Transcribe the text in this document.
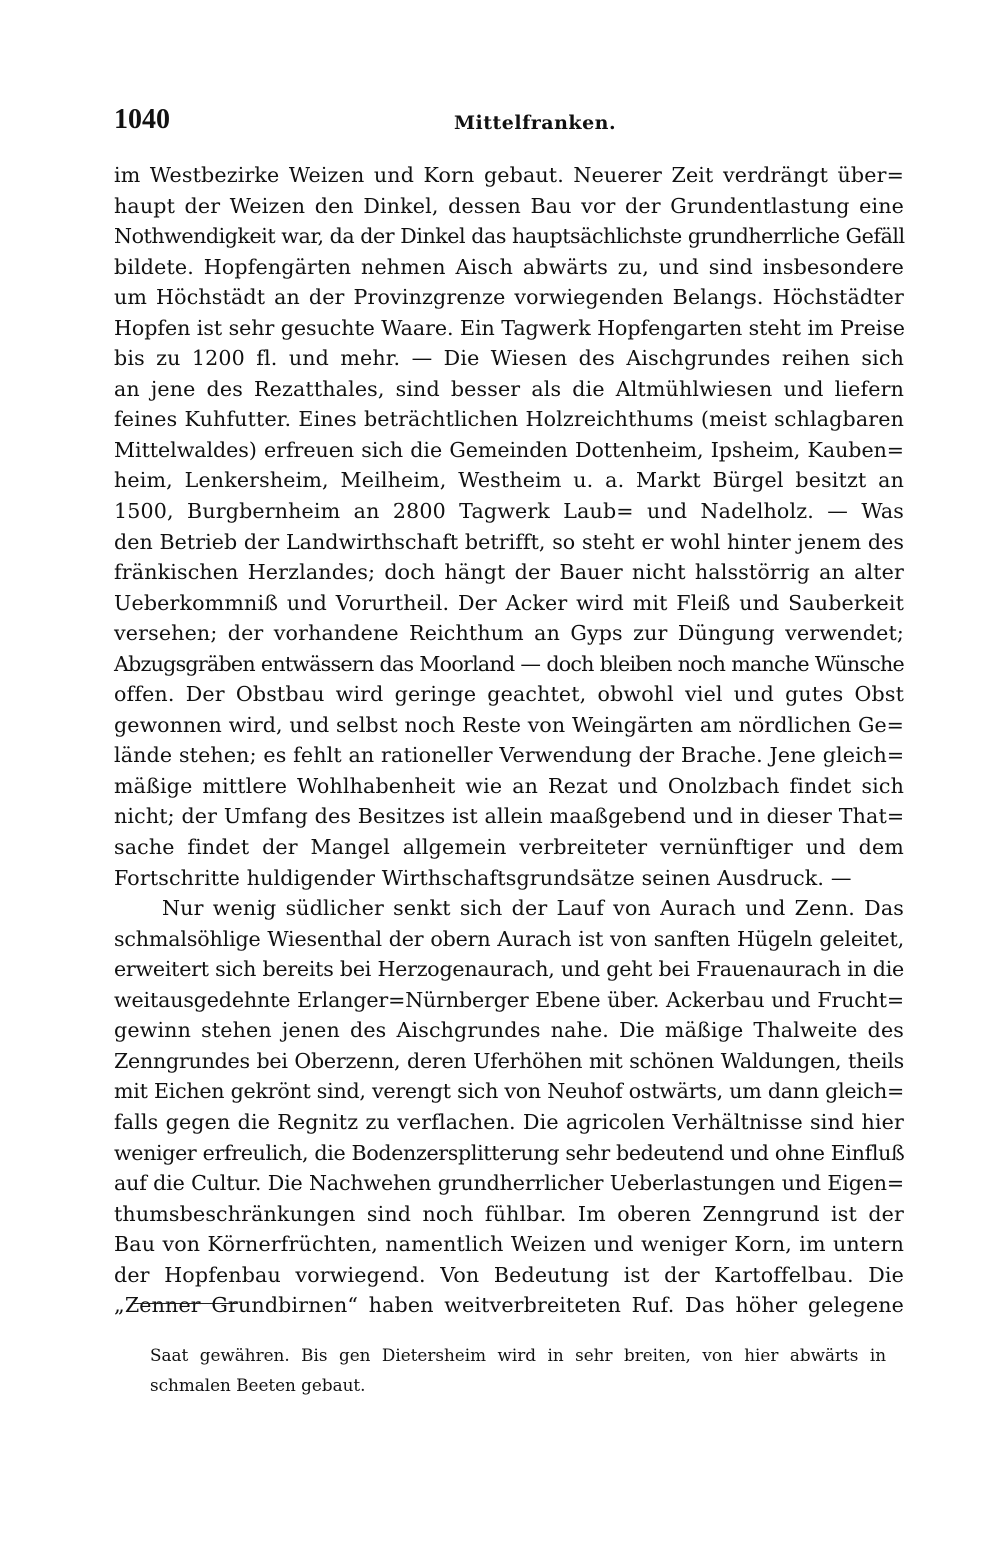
1040	Mittelfranken.
im Westbezirke Weizen und Korn gebaut. Neuerer Zeit verdrängt über=
haupt der Weizen den Dinkel, dessen Bau vor der Grundentlastung eine
Nothwendigkeit war, da der Dinkel das hauptsächlichste grundherrliche Gefäll
bildete. Hopfengärten nehmen Aisch abwärts zu, und sind insbesondere
um Höchstädt an der Provinzgrenze vorwiegenden Belangs. Höchstädter
Hopfen ist sehr gesuchte Waare. Ein Tagwerk Hopfengarten steht im Preise
bis zu 1200 fl. und mehr. — Die Wiesen des Aischgrundes reihen sich
an jene des Rezatthales, sind besser als die Altmühlwiesen und liefern
feines Kuhfutter. Eines beträchtlichen Holzreichthums (meist schlagbaren
Mittelwaldes) erfreuen sich die Gemeinden Dottenheim, Ipsheim, Kauben=
heim, Lenkersheim, Meilheim, Westheim u. a. Markt Bürgel besitzt an
1500, Burgbernheim an 2800 Tagwerk Laub= und Nadelholz. — Was
den Betrieb der Landwirthschaft betrifft, so steht er wohl hinter jenem des
fränkischen Herzlandes; doch hängt der Bauer nicht halsstörrig an alter
Ueberkommniß und Vorurtheil. Der Acker wird mit Fleiß und Sauberkeit
versehen; der vorhandene Reichthum an Gyps zur Düngung verwendet;
Abzugsgräben entwässern das Moorland — doch bleiben noch manche Wünsche
offen. Der Obstbau wird geringe geachtet, obwohl viel und gutes Obst
gewonnen wird, und selbst noch Reste von Weingärten am nördlichen Ge=
lände stehen; es fehlt an rationeller Verwendung der Brache. Jene gleich=
mäßige mittlere Wohlhabenheit wie an Rezat und Onolzbach findet sich
nicht; der Umfang des Besitzes ist allein maaßgebend und in dieser That=
sache findet der Mangel allgemein verbreiteter vernünftiger und dem
Fortschritte huldigender Wirthschaftsgrundsätze seinen Ausdruck. —
Nur wenig südlicher senkt sich der Lauf von Aurach und Zenn. Das
schmalsöhlige Wiesenthal der obern Aurach ist von sanften Hügeln geleitet,
erweitert sich bereits bei Herzogenaurach, und geht bei Frauenaurach in die
weitausgedehnte Erlanger=Nürnberger Ebene über. Ackerbau und Frucht=
gewinn stehen jenen des Aischgrundes nahe. Die mäßige Thalweite des
Zenngrundes bei Oberzenn, deren Uferhöhen mit schönen Waldungen, theils
mit Eichen gekrönt sind, verengt sich von Neuhof ostwärts, um dann gleich=
falls gegen die Regnitz zu verflachen. Die agricolen Verhältnisse sind hier
weniger erfreulich, die Bodenzersplitterung sehr bedeutend und ohne Einfluß
auf die Cultur. Die Nachwehen grundherrlicher Ueberlastungen und Eigen=
thumsbeschränkungen sind noch fühlbar. Im oberen Zenngrund ist der
Bau von Körnerfrüchten, namentlich Weizen und weniger Korn, im untern
der Hopfenbau vorwiegend. Von Bedeutung ist der Kartoffelbau. Die
„Zenner Grundbirnen“ haben weitverbreiteten Ruf. Das höher gelegene
Saat gewähren. Bis gen Dietersheim wird in sehr breiten, von hier abwärts in
schmalen Beeten gebaut.
